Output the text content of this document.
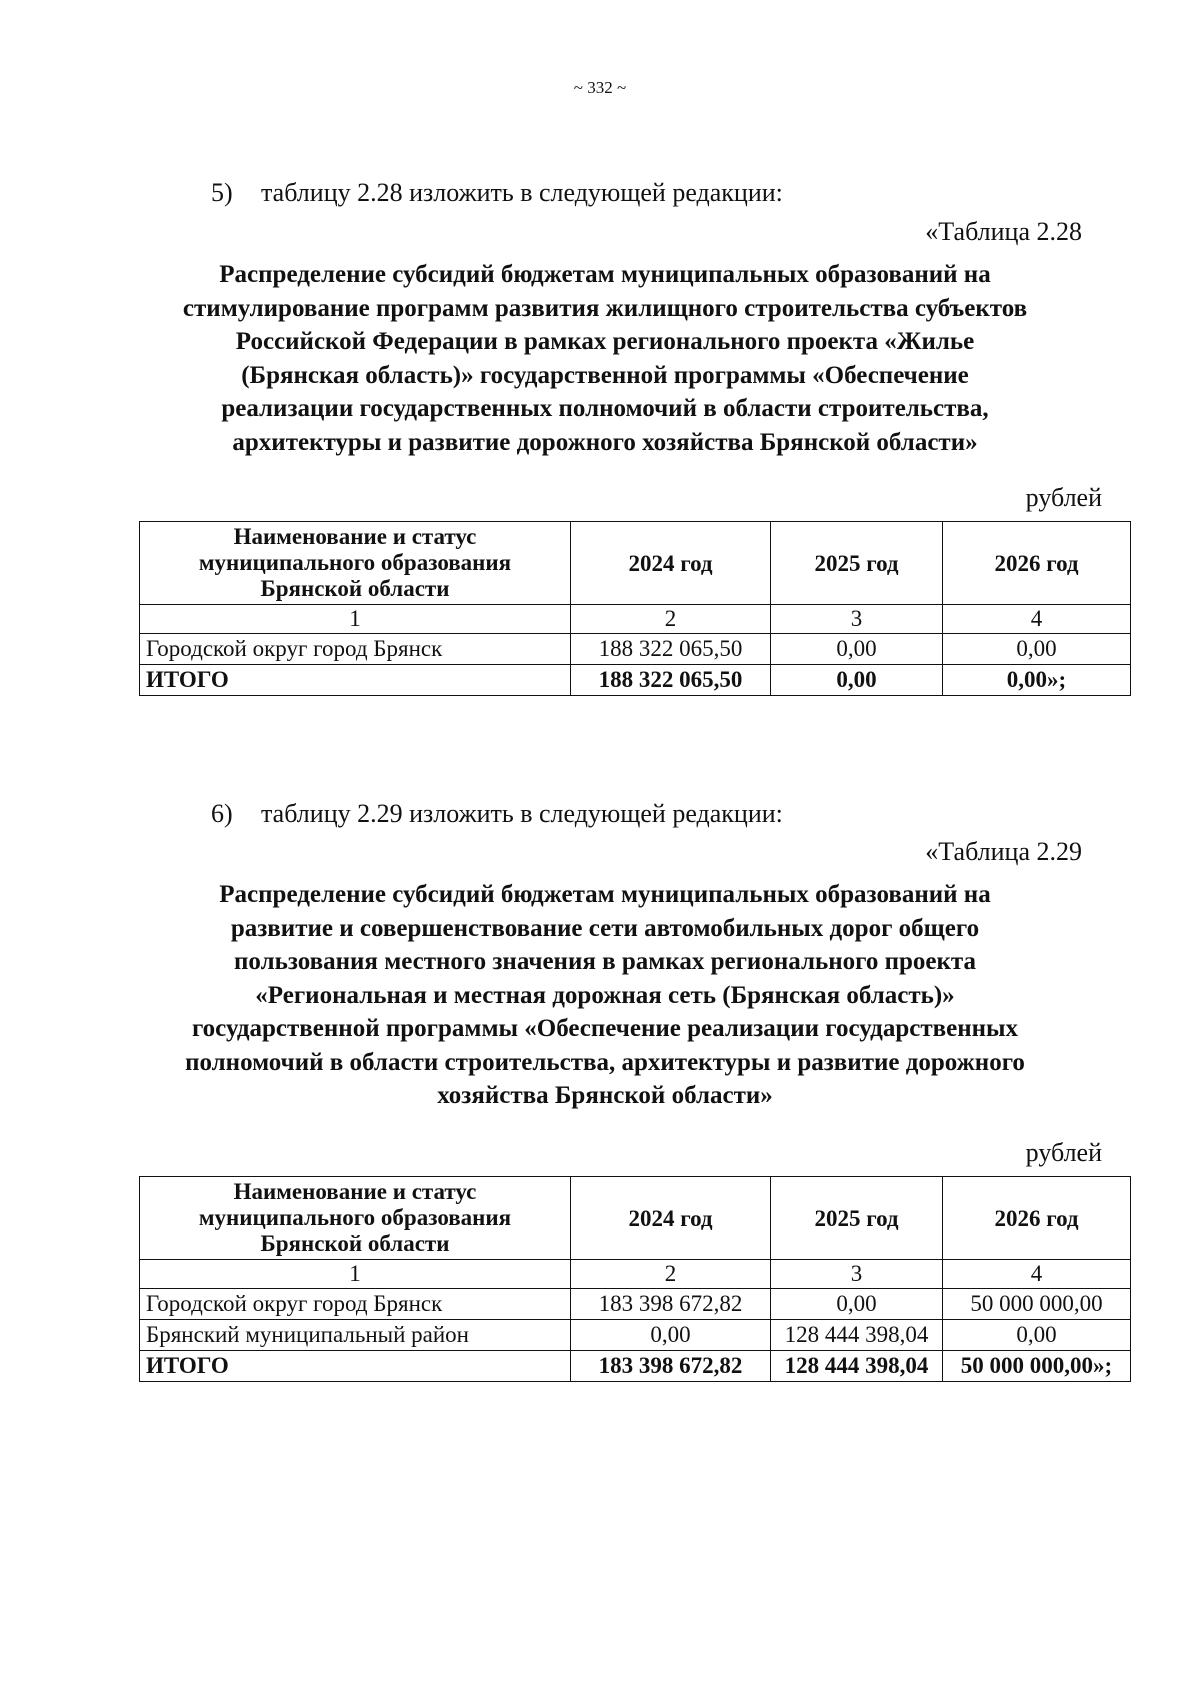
~ 332 ~
5) таблицу 2.28 изложить в следующей редакции:
«Таблица 2.28
Распределение субсидий бюджетам муниципальных образований на
стимулирование программ развития жилищного строительства субъектов
Российской Федерации в рамках регионального проекта «Жилье
(Брянская область)» государственной программы «Обеспечение
реализации государственных полномочий в области строительства,
архитектуры и развитие дорожного хозяйства Брянской области»
рублей
Наименование и статус
муниципального образования
Брянской области	2024 год	2025 год	2026 год
1	2	3	4
Городской округ город Брянск	188 322 065,50	0,00	0,00
ИТОГО	188 322 065,50	0,00	0,00»;
6) таблицу 2.29 изложить в следующей редакции:
«Таблица 2.29
Распределение субсидий бюджетам муниципальных образований на
развитие и совершенствование сети автомобильных дорог общего
пользования местного значения в рамках регионального проекта
«Региональная и местная дорожная сеть (Брянская область)»
государственной программы «Обеспечение реализации государственных
полномочий в области строительства, архитектуры и развитие дорожного
хозяйства Брянской области»
рублей
Наименование и статус
муниципального образования
Брянской области	2024 год	2025 год	2026 год
1	2	3	4
Городской округ город Брянск	183 398 672,82	0,00	50 000 000,00
Брянский муниципальный район	0,00	128 444 398,04	0,00
ИТОГО	183 398 672,82	128 444 398,04	50 000 000,00»;
